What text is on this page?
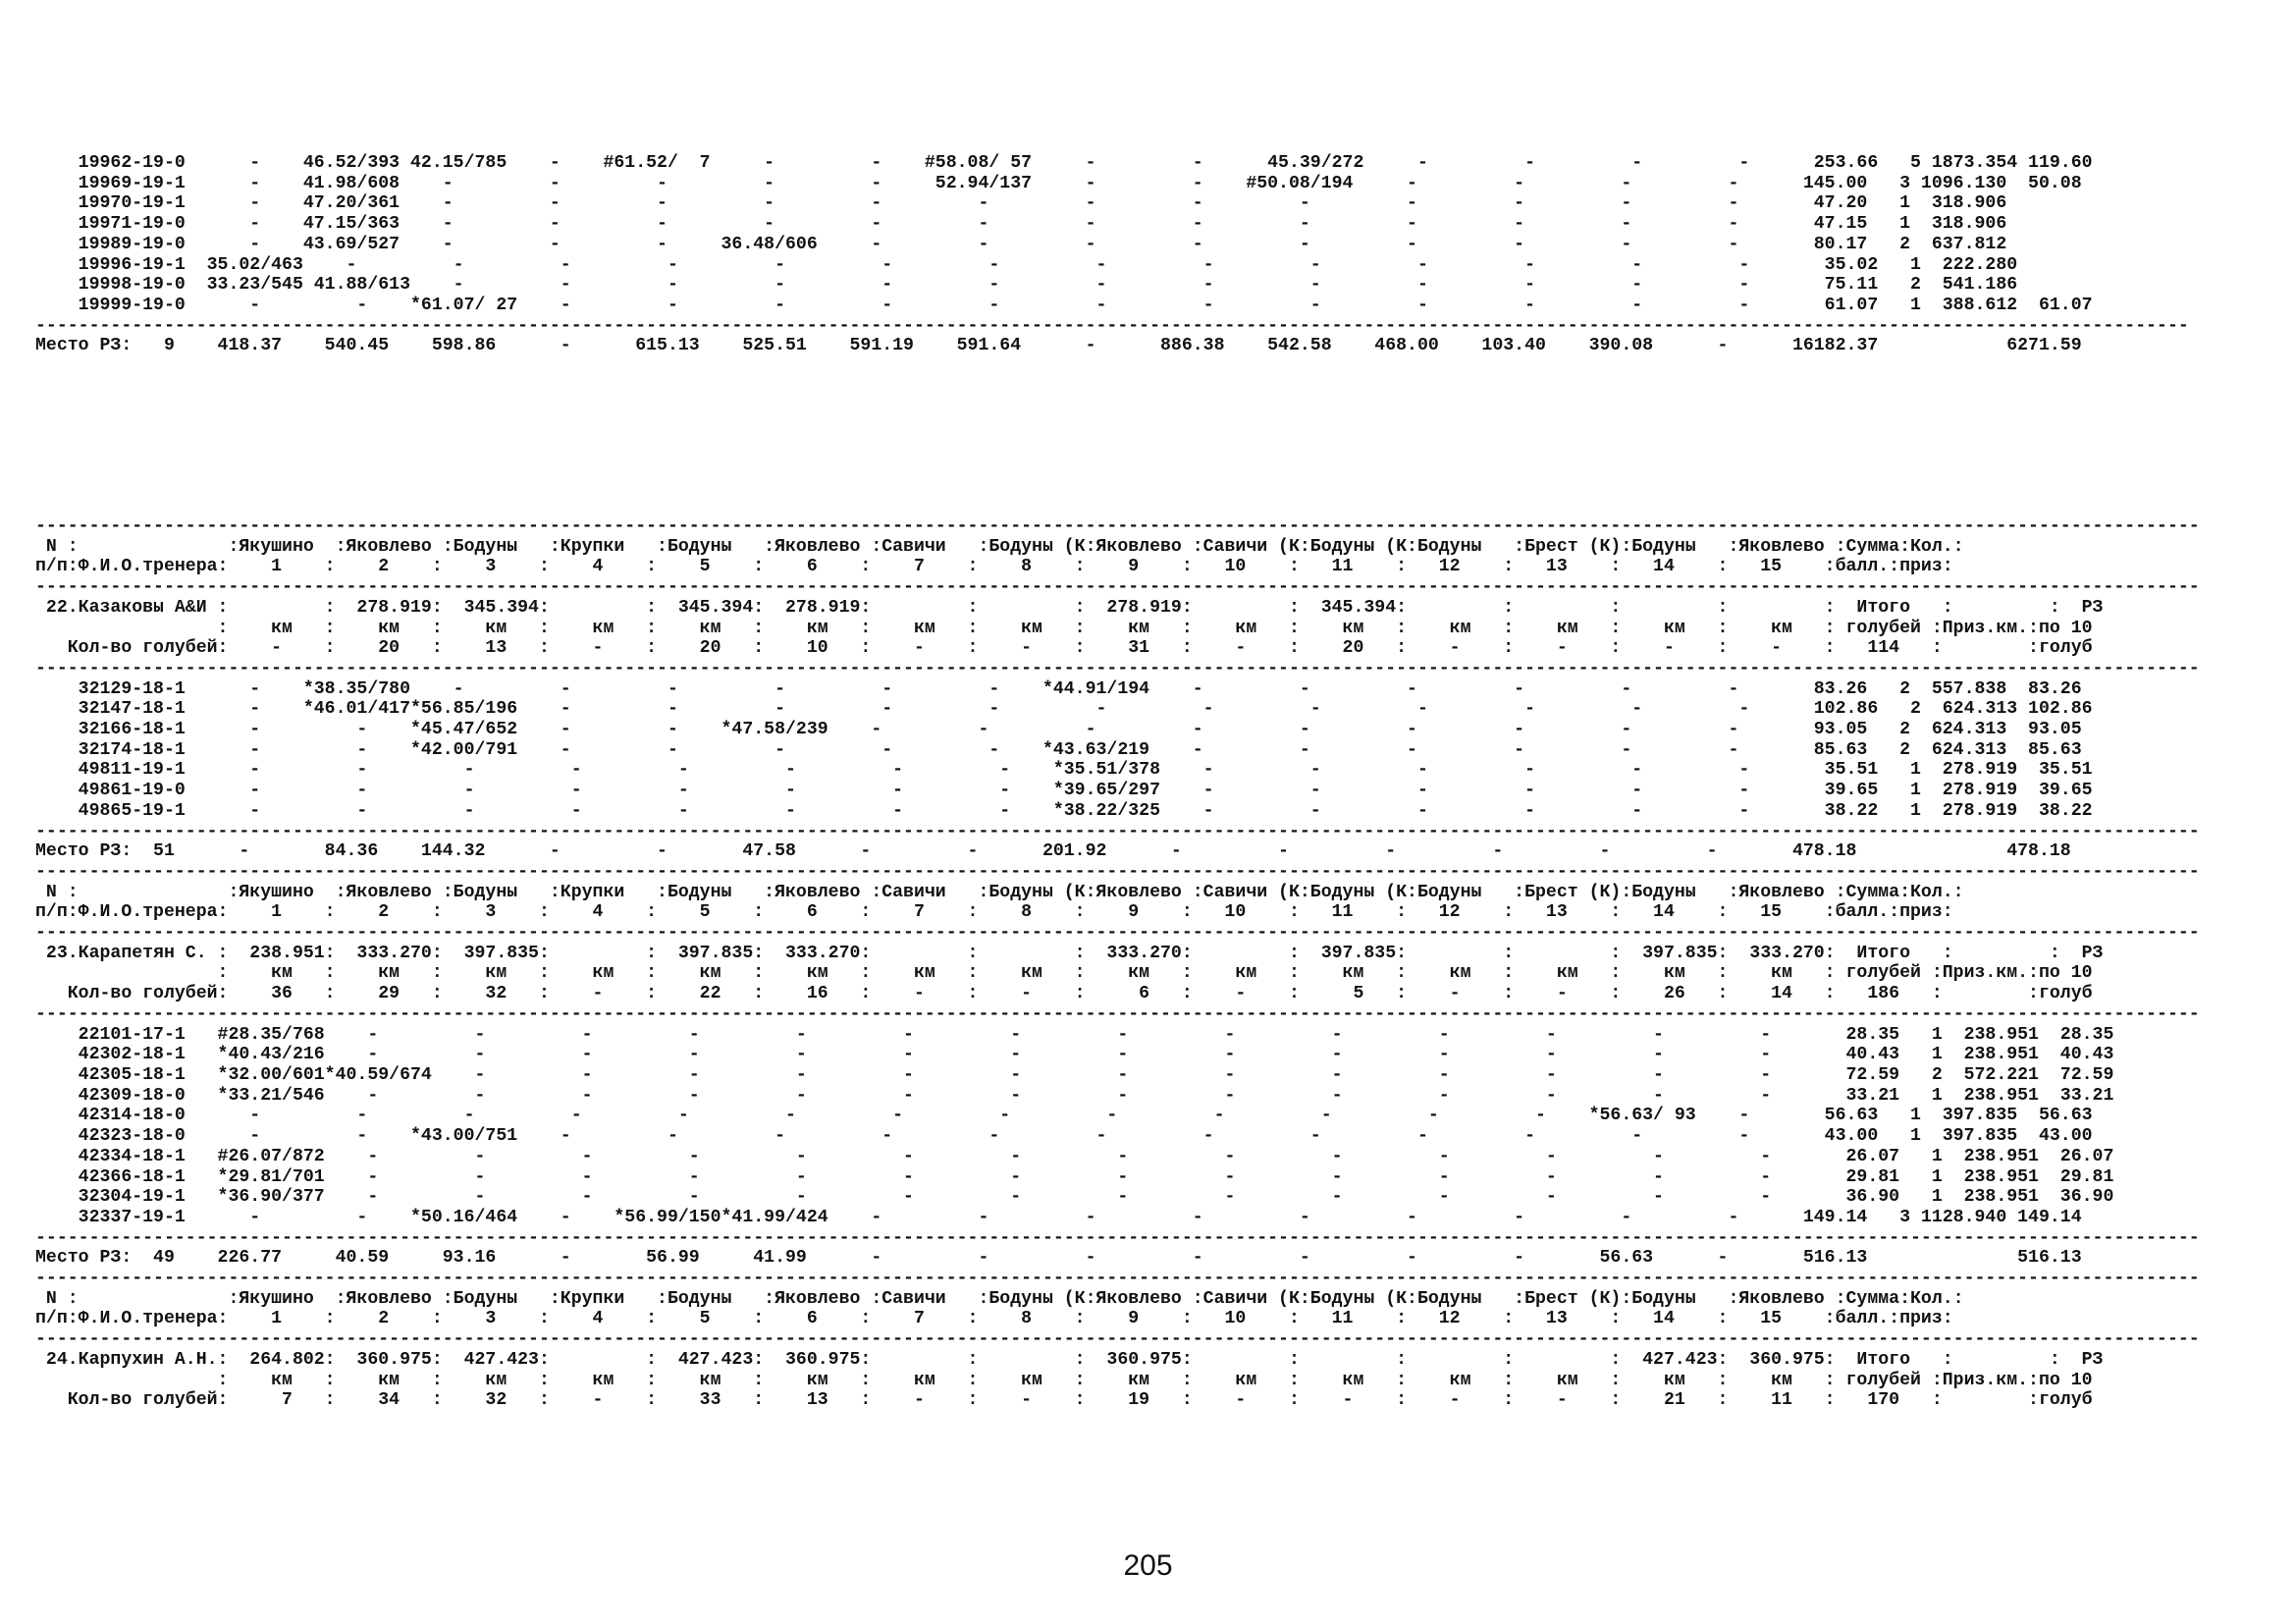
19962-19-0      -    46.52/393 42.15/785    -    #61.52/  7     -         -    #58.08/ 57     -         -      45.39/272     -         -         -         -      253.66   5 1873.354 119.60
19969-19-1      -    41.98/608    -         -         -         -         -     52.94/137     -         -    #50.08/194     -         -         -         -      145.00   3 1096.130  50.08
19970-19-1      -    47.20/361    -         -         -         -         -         -         -         -         -         -         -         -         -       47.20   1  318.906
19971-19-0      -    47.15/363    -         -         -         -         -         -         -         -         -         -         -         -         -       47.15   1  318.906
19989-19-0      -    43.69/527    -         -         -     36.48/606     -         -         -         -         -         -         -         -         -       80.17   2  637.812
19996-19-1  35.02/463    -         -         -         -         -         -         -         -         -         -         -         -         -         -       35.02   1  222.280
19998-19-0  33.23/545 41.88/613    -         -         -         -         -         -         -         -         -         -         -         -         -       75.11   2  541.186
19999-19-0      -         -    *61.07/ 27    -         -         -         -         -         -         -         -         -         -         -         -       61.07   1  388.612  61.07
---------------------------------------------------------------------------------------------------------------------------------------------------------------------------------------------------------
Место РЗ:   9    418.37    540.45    598.86      -      615.13    525.51    591.19    591.64      -      886.38    542.58    468.00    103.40    390.08      -      16182.37            6271.59

----------------------------------------------------------------------------------------------------------------------------------------------------------------------------------------------------------
N :              :Якушино  :Яковлево :Бодуны   :Крупки   :Бодуны   :Яковлево :Савичи   :Бодуны (К:Яковлево :Савичи (К:Бодуны (К:Бодуны   :Брест (К):Бодуны   :Яковлево :Сумма:Кол.:
п/п:Ф.И.О.тренера:    1    :    2    :    3    :    4    :    5    :    6    :    7    :    8    :    9    :   10    :   11    :   12    :   13    :   14    :   15    :балл.:приз:
----------------------------------------------------------------------------------------------------------------------------------------------------------------------------------------------------------
22.Казаковы А&И :         :  278.919:  345.394:         :  345.394:  278.919:         :         :  278.919:         :  345.394:         :         :         :         :  Итого   :         :  РЗ
:    км   :    км   :    км   :    км   :    км   :    км   :    км   :    км   :    км   :    км   :    км   :    км   :    км   :    км   :    км   : голубей :Приз.км.:по 10
Кол-во голубей:    -    :    20   :    13   :    -    :    20   :    10   :    -    :    -    :    31   :    -    :    20   :    -    :    -    :    -    :    -    :   114   :        :голуб
----------------------------------------------------------------------------------------------------------------------------------------------------------------------------------------------------------
32129-18-1      -    *38.35/780    -         -         -         -         -         -    *44.91/194    -         -         -         -         -         -       83.26   2  557.838  83.26
32147-18-1      -    *46.01/417*56.85/196    -         -         -         -         -         -         -         -         -         -         -         -      102.86   2  624.313 102.86
32166-18-1      -         -    *45.47/652    -         -    *47.58/239    -         -         -         -         -         -         -         -         -       93.05   2  624.313  93.05
32174-18-1      -         -    *42.00/791    -         -         -         -         -    *43.63/219    -         -         -         -         -         -       85.63   2  624.313  85.63
49811-19-1      -         -         -         -         -         -         -         -    *35.51/378    -         -         -         -         -         -       35.51   1  278.919  35.51
49861-19-0      -         -         -         -         -         -         -         -    *39.65/297    -         -         -         -         -         -       39.65   1  278.919  39.65
49865-19-1      -         -         -         -         -         -         -         -    *38.22/325    -         -         -         -         -         -       38.22   1  278.919  38.22
----------------------------------------------------------------------------------------------------------------------------------------------------------------------------------------------------------
Место РЗ:  51      -       84.36    144.32      -         -       47.58      -         -      201.92      -         -         -         -         -         -       478.18              478.18
----------------------------------------------------------------------------------------------------------------------------------------------------------------------------------------------------------
N :              :Якушино  :Яковлево :Бодуны   :Крупки   :Бодуны   :Яковлево :Савичи   :Бодуны (К:Яковлево :Савичи (К:Бодуны (К:Бодуны   :Брест (К):Бодуны   :Яковлево :Сумма:Кол.:
п/п:Ф.И.О.тренера:    1    :    2    :    3    :    4    :    5    :    6    :    7    :    8    :    9    :   10    :   11    :   12    :   13    :   14    :   15    :балл.:приз:
----------------------------------------------------------------------------------------------------------------------------------------------------------------------------------------------------------
23.Карапетян С. :  238.951:  333.270:  397.835:         :  397.835:  333.270:         :         :  333.270:         :  397.835:         :         :  397.835:  333.270:  Итого   :         :  РЗ
:    км   :    км   :    км   :    км   :    км   :    км   :    км   :    км   :    км   :    км   :    км   :    км   :    км   :    км   :    км   : голубей :Приз.км.:по 10
Кол-во голубей:    36   :    29   :    32   :    -    :    22   :    16   :    -    :    -    :     6   :    -    :     5   :    -    :    -    :    26   :    14   :   186   :        :голуб
----------------------------------------------------------------------------------------------------------------------------------------------------------------------------------------------------------
22101-17-1   #28.35/768    -         -         -         -         -         -         -         -         -         -         -         -         -         -       28.35   1  238.951  28.35
42302-18-1   *40.43/216    -         -         -         -         -         -         -         -         -         -         -         -         -         -       40.43   1  238.951  40.43
42305-18-1   *32.00/601*40.59/674    -         -         -         -         -         -         -         -         -         -         -         -         -       72.59   2  572.221  72.59
42309-18-0   *33.21/546    -         -         -         -         -         -         -         -         -         -         -         -         -         -       33.21   1  238.951  33.21
42314-18-0      -         -         -         -         -         -         -         -         -         -         -         -         -    *56.63/ 93    -       56.63   1  397.835  56.63
42323-18-0      -         -    *43.00/751    -         -         -         -         -         -         -         -         -         -         -         -       43.00   1  397.835  43.00
42334-18-1   #26.07/872    -         -         -         -         -         -         -         -         -         -         -         -         -         -       26.07   1  238.951  26.07
42366-18-1   *29.81/701    -         -         -         -         -         -         -         -         -         -         -         -         -         -       29.81   1  238.951  29.81
32304-19-1   *36.90/377    -         -         -         -         -         -         -         -         -         -         -         -         -         -       36.90   1  238.951  36.90
32337-19-1      -         -    *50.16/464    -    *56.99/150*41.99/424    -         -         -         -         -         -         -         -         -      149.14   3 1128.940 149.14
----------------------------------------------------------------------------------------------------------------------------------------------------------------------------------------------------------
Место РЗ:  49    226.77     40.59     93.16      -       56.99     41.99      -         -         -         -         -         -         -       56.63      -       516.13              516.13
----------------------------------------------------------------------------------------------------------------------------------------------------------------------------------------------------------
N :              :Якушино  :Яковлево :Бодуны   :Крупки   :Бодуны   :Яковлево :Савичи   :Бодуны (К:Яковлево :Савичи (К:Бодуны (К:Бодуны   :Брест (К):Бодуны   :Яковлево :Сумма:Кол.:
п/п:Ф.И.О.тренера:    1    :    2    :    3    :    4    :    5    :    6    :    7    :    8    :    9    :   10    :   11    :   12    :   13    :   14    :   15    :балл.:приз:
----------------------------------------------------------------------------------------------------------------------------------------------------------------------------------------------------------
24.Карпухин А.Н.:  264.802:  360.975:  427.423:         :  427.423:  360.975:         :         :  360.975:         :         :         :         :  427.423:  360.975:  Итого   :         :  РЗ
:    км   :    км   :    км   :    км   :    км   :    км   :    км   :    км   :    км   :    км   :    км   :    км   :    км   :    км   :    км   : голубей :Приз.км.:по 10
Кол-во голубей:     7   :    34   :    32   :    -    :    33   :    13   :    -    :    -    :    19   :    -    :    -    :    -    :    -    :    21   :    11   :   170   :        :голуб

205
